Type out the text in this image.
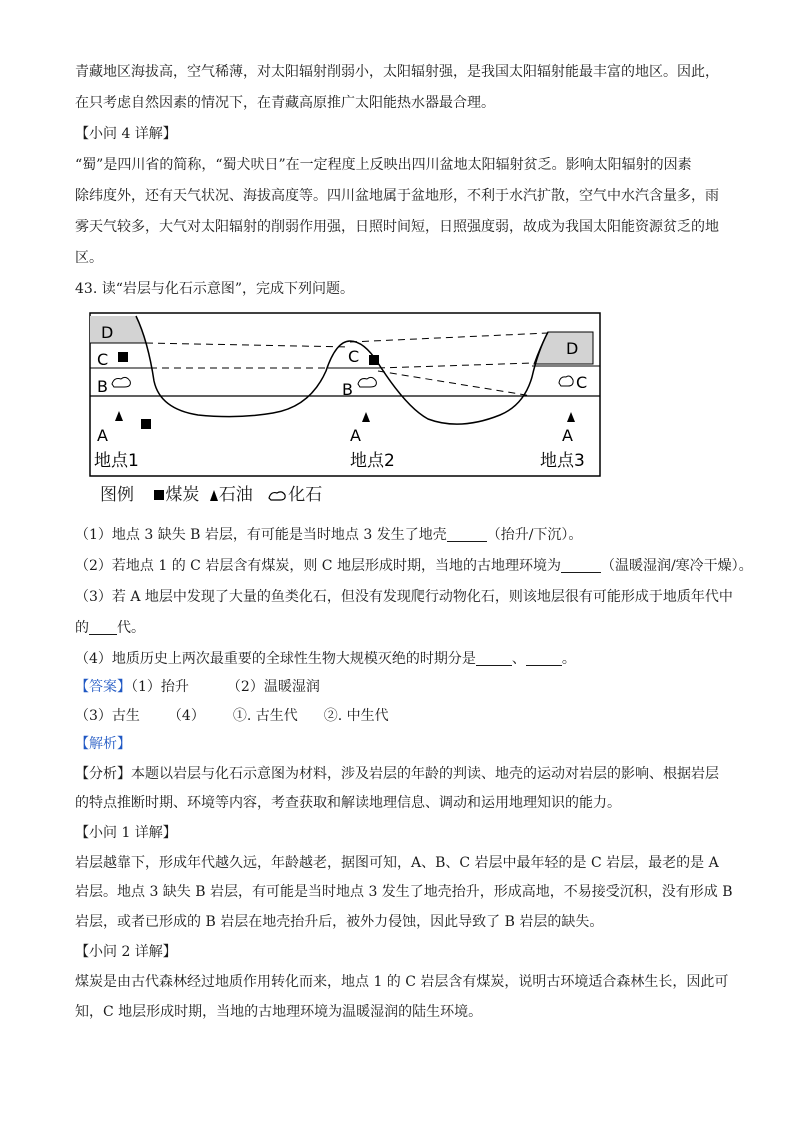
青藏地区海拔高，空气稀薄，对太阳辐射削弱小，太阳辐射强，是我国太阳辐射能最丰富的地区。因此，
在只考虑自然因素的情况下，在青藏高原推广太阳能热水器最合理。
【小问 4 详解】
“蜀”是四川省的简称，“蜀犬吠日”在一定程度上反映出四川盆地太阳辐射贫乏。影响太阳辐射的因素
除纬度外，还有天气状况、海拔高度等。四川盆地属于盆地形，不利于水汽扩散，空气中水汽含量多，雨
雾天气较多，大气对太阳辐射的削弱作用强，日照时间短，日照强度弱，故成为我国太阳能资源贫乏的地
区。
43. 读“岩层与化石示意图”，完成下列问题。
D
C
B
A
C
B
A
D
C
A
地点1	地点2	地点3
图例 煤炭 石油 化石
（1）地点 3 缺失 B 岩层，有可能是当时地点 3 发生了地壳	（抬升/下沉）。
（2）若地点 1 的 C 岩层含有煤炭，则 C 地层形成时期，当地的古地理环境为	（温暖湿润/寒冷干燥）。
（3）若 A 地层中发现了大量的鱼类化石，但没有发现爬行动物化石，则该地层很有可能形成于地质年代中
的 代。
（4）地质历史上两次最重要的全球性生物大规模灭绝的时期分是	、	。
【答案】（1）抬升	（2）温暖湿润
（3）古生 （4） ①. 古生代 ②. 中生代
【解析】
【分析】本题以岩层与化石示意图为材料，涉及岩层的年龄的判读、地壳的运动对岩层的影响、根据岩层
的特点推断时期、环境等内容，考查获取和解读地理信息、调动和运用地理知识的能力。
【小问 1 详解】
岩层越靠下，形成年代越久远，年龄越老，据图可知，A、B、C 岩层中最年轻的是 C 岩层，最老的是 A
岩层。地点 3 缺失 B 岩层，有可能是当时地点 3 发生了地壳抬升，形成高地，不易接受沉积，没有形成 B
岩层，或者已形成的 B 岩层在地壳抬升后，被外力侵蚀，因此导致了 B 岩层的缺失。
【小问 2 详解】
煤炭是由古代森林经过地质作用转化而来，地点 1 的 C 岩层含有煤炭，说明古环境适合森林生长，因此可
知，C 地层形成时期，当地的古地理环境为温暖湿润的陆生环境。
